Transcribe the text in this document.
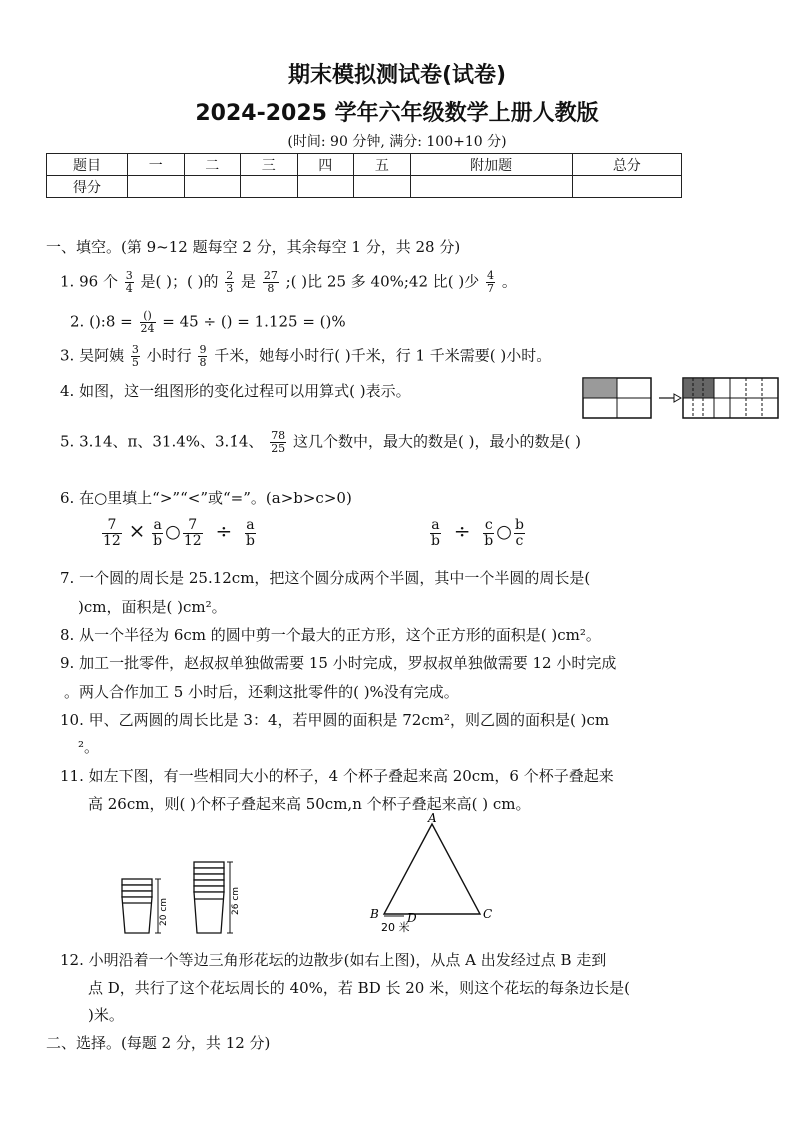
期末模拟测试卷(试卷)
2024-2025 学年六年级数学上册人教版
(时间: 90 分钟, 满分: 100+10 分)
题目	一	二	三	四	五	附加题	总分
得分							
一、填空。(第 9~12 题每空 2 分，其余每空 1 分，共 28 分)
1. 96 个 $\frac{3}{4}$ 是( )；( )的 $\frac{2}{3}$ 是 $\frac{27}{8}$ ;( )比 25 多 40%;42 比( )少 $\frac{4}{7}$ 。
2. ():8 = $\frac{()}{24} = 45$ ÷ () = 1.125 = ()%
3. 吴阿姨 $\frac{3}{5}$ 小时行 $\frac{9}{8}$ 千米，她每小时行( )千米，行 1 千米需要( )小时。
4. 如图，这一组图形的变化过程可以用算式( )表示。
5. 3.14、π、31.4%、3.1̇4̇、 $\frac{78}{25}$ 这几个数中，最大的数是( )，最小的数是( )
6. 在○里填上“>”“<”或“=”。(a>b>c>0)
$\frac{7}{12} \times \frac{a}{b}$ ○ $\frac{7}{12} \div \frac{a}{b}$	$\frac{a}{b} \div \frac{c}{b}$ ○ $\frac{b}{c}$
7. 一个圆的周长是 25.12cm，把这个圆分成两个半圆，其中一个半圆的周长是(
)cm，面积是( )cm²。
8. 从一个半径为 6cm 的圆中剪一个最大的正方形，这个正方形的面积是( )cm²。
9. 加工一批零件，赵叔叔单独做需要 15 小时完成，罗叔叔单独做需要 12 小时完成
。两人合作加工 5 小时后，还剩这批零件的( )%没有完成。
10. 甲、乙两圆的周长比是 3：4，若甲圆的面积是 72cm²，则乙圆的面积是( )cm
²。
11. 如左下图，有一些相同大小的杯子，4 个杯子叠起来高 20cm，6 个杯子叠起来
高 26cm，则( )个杯子叠起来高 50cm,n 个杯子叠起来高( ) cm。
20 cm	26 cm
A
B	C
D
20 米
12. 小明沿着一个等边三角形花坛的边散步(如右上图)，从点 A 出发经过点 B 走到
点 D，共行了这个花坛周长的 40%，若 BD 长 20 米，则这个花坛的每条边长是(
)米。
二、选择。(每题 2 分，共 12 分)
